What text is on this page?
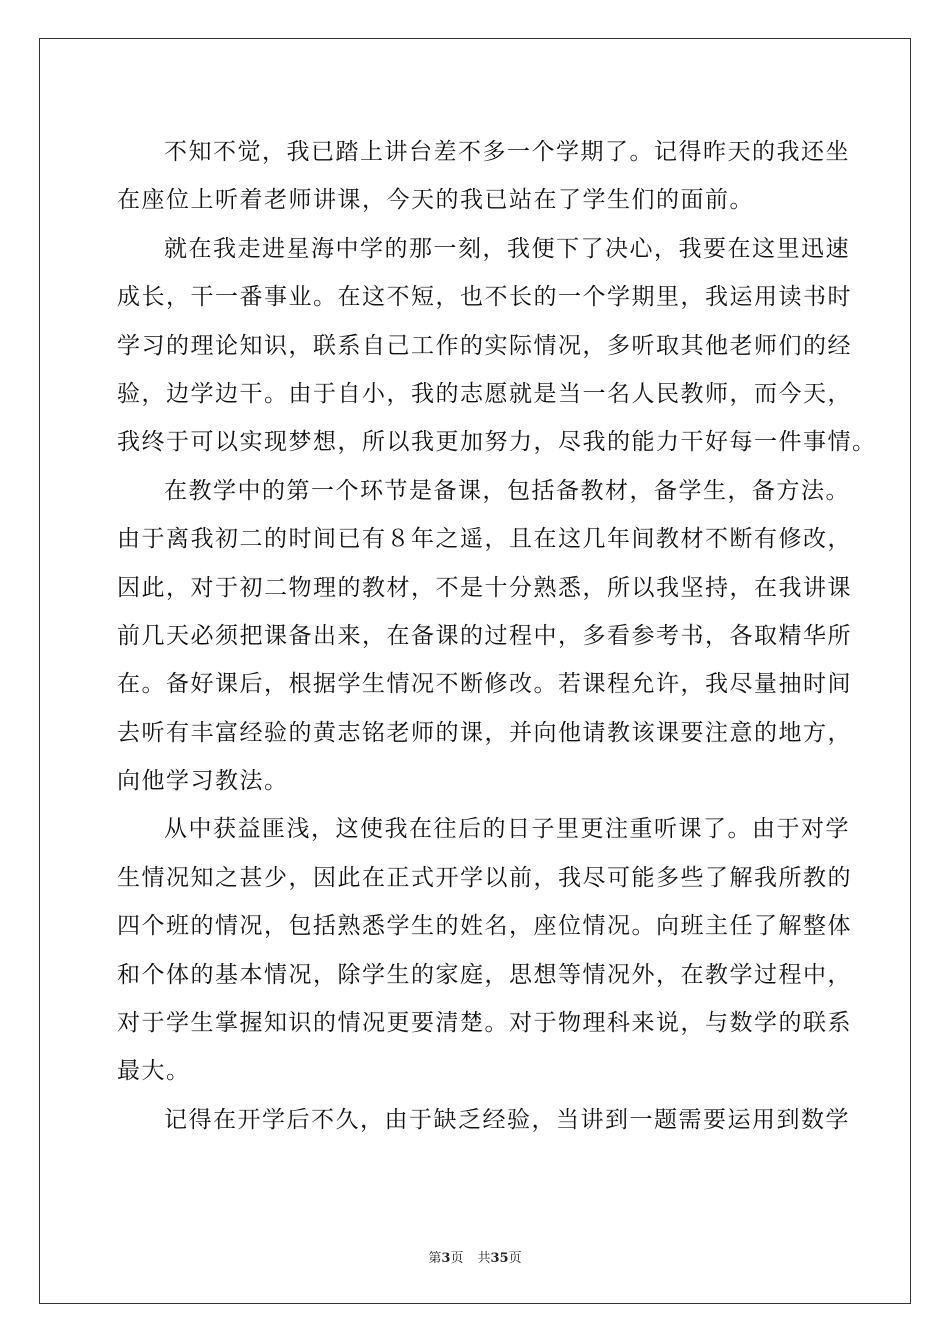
不知不觉，我已踏上讲台差不多一个学期了。记得昨天的我还坐
在座位上听着老师讲课，今天的我已站在了学生们的面前。
就在我走进星海中学的那一刻，我便下了决心，我要在这里迅速
成长，干一番事业。在这不短，也不长的一个学期里，我运用读书时
学习的理论知识，联系自己工作的实际情况，多听取其他老师们的经
验，边学边干。由于自小，我的志愿就是当一名人民教师，而今天，
我终于可以实现梦想，所以我更加努力，尽我的能力干好每一件事情。
在教学中的第一个环节是备课，包括备教材，备学生，备方法。
由于离我初二的时间已有８年之遥，且在这几年间教材不断有修改，
因此，对于初二物理的教材，不是十分熟悉，所以我坚持，在我讲课
前几天必须把课备出来，在备课的过程中，多看参考书，各取精华所
在。备好课后，根据学生情况不断修改。若课程允许，我尽量抽时间
去听有丰富经验的黄志铭老师的课，并向他请教该课要注意的地方，
向他学习教法。
从中获益匪浅，这使我在往后的日子里更注重听课了。由于对学
生情况知之甚少，因此在正式开学以前，我尽可能多些了解我所教的
四个班的情况，包括熟悉学生的姓名，座位情况。向班主任了解整体
和个体的基本情况，除学生的家庭，思想等情况外，在教学过程中，
对于学生掌握知识的情况更要清楚。对于物理科来说，与数学的联系
最大。
记得在开学后不久，由于缺乏经验，当讲到一题需要运用到数学
第3页 共35页
